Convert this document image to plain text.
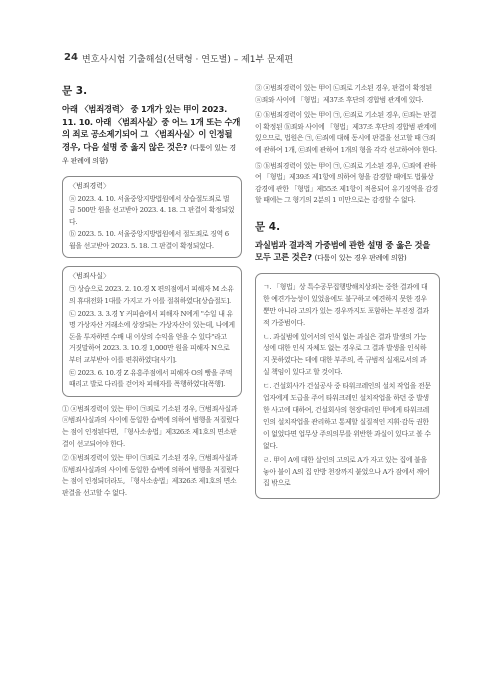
24 변호사시험 기출해설(선택형 · 연도별) – 제1부 문제편
문 3.
아래 〈범죄경력〉 중 1개가 있는 甲이 2023. 11. 10. 아래 〈범죄사실〉중 어느 1개 또는 수개의 죄로 공소제기되어 그 〈범죄사실〉이 인정될 경우, 다음 설명 중 옳지 않은 것은? (다툼이 있는 경우 판례에 의함)
〈범죄경력〉
ⓐ 2023. 4. 10. 서울중앙지방법원에서 상습절도죄로 벌금 500만 원을 선고받아 2023. 4. 18. 그 판결이 확정되었다.
ⓑ 2023. 5. 10. 서울중앙지방법원에서 절도죄로 징역 6월을 선고받아 2023. 5. 18. 그 판결이 확정되었다.
〈범죄사실〉
㉠ 상습으로 2023. 2. 10.경 X 편의점에서 피해자 M 소유의 휴대전화 1대를 가지고 가 이를 절취하였다[상습절도].
㉡ 2023. 3. 3.경 Y 커피숍에서 피해자 N에게 "수일 내 유명 가상자산 거래소에 상장되는 가상자산이 있는데, 나에게 돈을 투자하면 수배 내 이상의 수익을 얻을 수 있다"라고 거짓말하여 2023. 3. 10.경 1,000만 원을 피해자 N으로부터 교부받아 이를 편취하였다[사기].
㉢ 2023. 6. 10.경 Z 유흥주점에서 피해자 O의 빵을 주먹 때리고 발로 다리를 걷어차 피해자를 폭행하였다[폭행].
① ⓐ범죄경력이 있는 甲이 ㉠죄로 기소된 경우, ㉠범죄사실과 ⓐ범죄사실과의 사이에 동일한 습벽에 의하여 범행을 저질렀다는 점이 인정된다면, 「형사소송법」제326조 제1호의 면소판결이 선고되어야 한다.
② ⓑ범죄경력이 있는 甲이 ㉠죄로 기소된 경우, ㉠범죄사실과 ⓑ범죄사실과의 사이에 동일한 습벽에 의하여 범행을 저질렀다는 점이 인정되더라도, 「형사소송법」제326조 제1호의 면소판결을 선고할 수 없다.
③ ⓐ범죄경력이 있는 甲이 ㉡죄로 기소된 경우, 판결이 확정된 ⓐ죄와 사이에 「형법」제37조 후단의 경합범 관계에 있다.
④ ⓑ범죄경력이 있는 甲이 ㉠, ㉢죄로 기소된 경우, ㉢죄는 판결이 확정된 ⓑ죄와 사이에 「형법」제37조 후단의 경합범 관계에 있으므로, 법원은 ㉠, ㉢죄에 대해 동시에 판결을 선고할 때 ㉠죄에 관하여 1개, ㉢죄에 관하여 1개의 형을 각각 선고하여야 한다.
⑤ ⓑ범죄경력이 있는 甲이 ㉠, ㉡죄로 기소된 경우, ㉡죄에 관하여 「형법」제39조 제1항에 의하여 형을 감경할 때에도 법률상 감경에 관한 「형법」제55조 제1항이 적용되어 유기징역을 감경할 때에는 그 형기의 2분의 1 미만으로는 감경할 수 없다.
문 4.
과실범과 결과적 가중범에 관한 설명 중 옳은 것을 모두 고른 것은? (다툼이 있는 경우 판례에 의함)
ㄱ. 「형법」상 특수공무집행방해치상죄는 중한 결과에 대한 예견가능성이 있었음에도 불구하고 예견하지 못한 경우뿐만 아니라 고의가 있는 경우까지도 포함하는 부진정 결과적 가중범이다.
ㄴ. 과실범에 있어서의 인식 없는 과실은 결과 발생의 가능성에 대한 인식 자체도 없는 경우로 그 결과 발생을 인식하지 못하였다는 데에 대한 부주의, 즉 규범적 실재로서의 과실 책임이 있다고 할 것이다.
ㄷ. 건설회사가 건설공사 중 타워크레인의 설치 작업을 전문업자에게 도급을 주어 타워크레인 설치작업을 하던 중 발생한 사고에 대하여, 건설회사의 현장대리인 甲에게 타워크레인의 설치작업을 관리하고 통제할 실질적인 지휘·감독 권한이 없었다면 업무상 주의의무를 위반한 과실이 있다고 볼 수 없다.
ㄹ. 甲이 A에 대한 살인의 고의로 A가 자고 있는 집에 불을 놓아 불이 A의 집 안방 천장까지 붙었으나 A가 잠에서 깨어 집 밖으로
